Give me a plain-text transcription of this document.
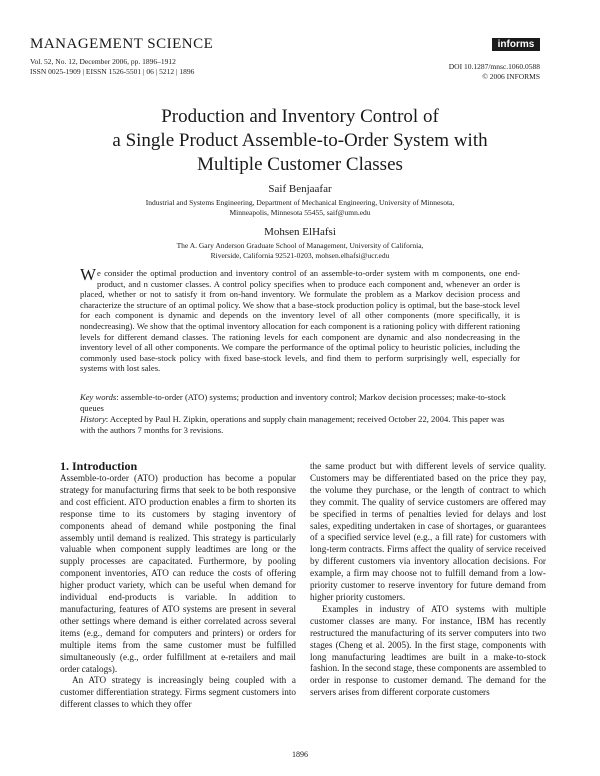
MANAGEMENT SCIENCE
Vol. 52, No. 12, December 2006, pp. 1896–1912
ISSN 0025-1909 | EISSN 1526-5501 | 06 | 5212 | 1896
informs
DOI 10.1287/mnsc.1060.0588
© 2006 INFORMS
Production and Inventory Control of
a Single Product Assemble-to-Order System with
Multiple Customer Classes
Saif Benjaafar
Industrial and Systems Engineering, Department of Mechanical Engineering, University of Minnesota,
Minneapolis, Minnesota 55455, saif@umn.edu
Mohsen ElHafsi
The A. Gary Anderson Graduate School of Management, University of California,
Riverside, California 92521-0203, mohsen.elhafsi@ucr.edu
We consider the optimal production and inventory control of an assemble-to-order system with m components, one end-product, and n customer classes. A control policy specifies when to produce each component and, whenever an order is placed, whether or not to satisfy it from on-hand inventory. We formulate the problem as a Markov decision process and characterize the structure of an optimal policy. We show that a base-stock production policy is optimal, but the base-stock level for each component is dynamic and depends on the inventory level of all other components (more specifically, it is nondecreasing). We show that the optimal inventory allocation for each component is a rationing policy with different rationing levels for different demand classes. The rationing levels for each component are dynamic and also nondecreasing in the inventory level of all other components. We compare the performance of the optimal policy to heuristic policies, including the commonly used base-stock policy with fixed base-stock levels, and find them to perform surprisingly well, especially for systems with lost sales.
Key words: assemble-to-order (ATO) systems; production and inventory control; Markov decision processes; make-to-stock queues
History: Accepted by Paul H. Zipkin, operations and supply chain management; received October 22, 2004. This paper was with the authors 7 months for 3 revisions.
1. Introduction

Assemble-to-order (ATO) production has become a popular strategy for manufacturing firms that seek to be both responsive and cost efficient. ATO production enables a firm to shorten its response time to its customers by staging inventory of components ahead of demand while postponing the final assembly until demand is realized. This strategy is particularly valuable when component supply leadtimes are long or the supply processes are capacitated. Furthermore, by pooling component inventories, ATO can reduce the costs of offering higher product variety, which can be useful when demand for individual end-products is variable. In addition to manufacturing, features of ATO systems are present in several other settings where demand is either correlated across several items (e.g., demand for computers and printers) or orders for multiple items from the same customer must be fulfilled simultaneously (e.g., order fulfillment at e-retailers and mail order catalogs).

An ATO strategy is increasingly being coupled with a customer differentiation strategy. Firms segment customers into different classes to which they offer

the same product but with different levels of service quality. Customers may be differentiated based on the price they pay, the volume they purchase, or the length of contract to which they commit. The quality of service customers are offered may be specified in terms of penalties levied for delays and lost sales, expediting undertaken in case of shortages, or guarantees of a specified service level (e.g., a fill rate) for customers with long-term contracts. Firms affect the quality of service received by different customers via inventory allocation decisions. For example, a firm may choose not to fulfill demand from a low-priority customer to reserve inventory for future demand from higher priority customers.

Examples in industry of ATO systems with multiple customer classes are many. For instance, IBM has recently restructured the manufacturing of its server computers into two stages (Cheng et al. 2005). In the first stage, components with long manufacturing leadtimes are built in a make-to-stock fashion. In the second stage, these components are assembled to order in response to customer demand. The demand for the servers arises from different corporate customers

1896
